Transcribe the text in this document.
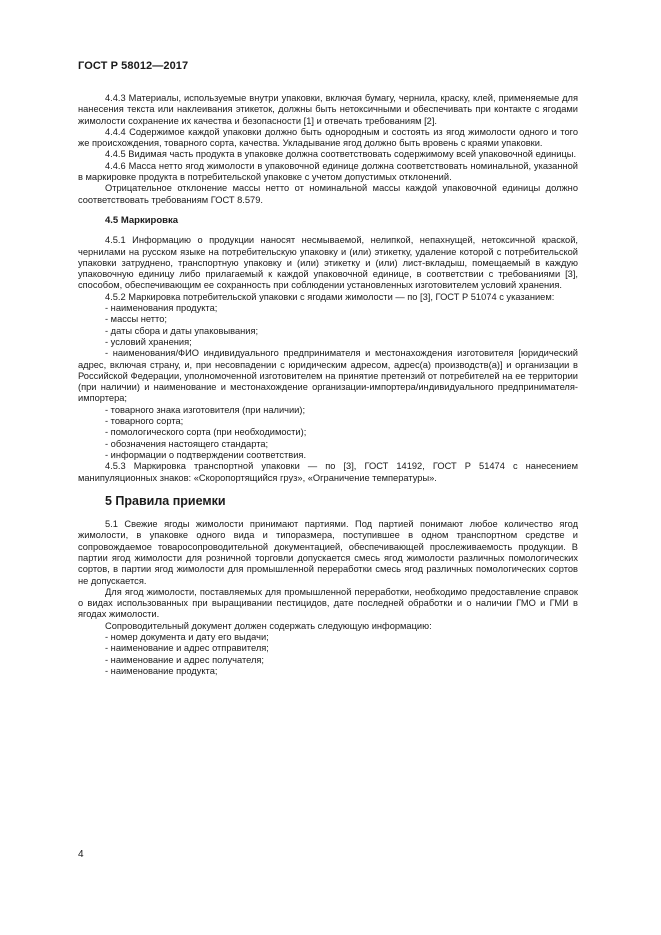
ГОСТ Р 58012—2017

4.4.3 Материалы, используемые внутри упаковки, включая бумагу, чернила, краску, клей, применяемые для нанесения текста или наклеивания этикеток, должны быть нетоксичными и обеспечивать при контакте с ягодами жимолости сохранение их качества и безопасности [1] и отвечать требованиям [2].

4.4.4 Содержимое каждой упаковки должно быть однородным и состоять из ягод жимолости одного и того же происхождения, товарного сорта, качества. Укладывание ягод должно быть вровень с краями упаковки.

4.4.5 Видимая часть продукта в упаковке должна соответствовать содержимому всей упаковочной единицы.

4.4.6 Масса нетто ягод жимолости в упаковочной единице должна соответствовать номинальной, указанной в маркировке продукта в потребительской упаковке с учетом допустимых отклонений.

Отрицательное отклонение массы нетто от номинальной массы каждой упаковочной единицы должно соответствовать требованиям ГОСТ 8.579.

4.5 Маркировка

4.5.1 Информацию о продукции наносят несмываемой, нелипкой, непахнущей, нетоксичной краской, чернилами на русском языке на потребительскую упаковку и (или) этикетку, удаление которой с потребительской упаковки затруднено, транспортную упаковку и (или) этикетку и (или) лист-вкладыш, помещаемый в каждую упаковочную единицу либо прилагаемый к каждой упаковочной единице, в соответствии с требованиями [3], способом, обеспечивающим ее сохранность при соблюдении установленных изготовителем условий хранения.

4.5.2 Маркировка потребительской упаковки с ягодами жимолости — по [3], ГОСТ Р 51074 с указанием:

- наименования продукта;

- массы нетто;

- даты сбора и даты упаковывания;

- условий хранения;

- наименования/ФИО индивидуального предпринимателя и местонахождения изготовителя [юридический адрес, включая страну, и, при несовпадении с юридическим адресом, адрес(а) производств(а)] и организации в Российской Федерации, уполномоченной изготовителем на принятие претензий от потребителей на ее территории (при наличии) и наименование и местонахождение организации-импортера/индивидуального предпринимателя-импортера;

- товарного знака изготовителя (при наличии);

- товарного сорта;

- помологического сорта (при необходимости);

- обозначения настоящего стандарта;

- информации о подтверждении соответствия.

4.5.3 Маркировка транспортной упаковки — по [3], ГОСТ 14192, ГОСТ Р 51474 с нанесением манипуляционных знаков: «Скоропортящийся груз», «Ограничение температуры».

5 Правила приемки

5.1 Свежие ягоды жимолости принимают партиями. Под партией понимают любое количество ягод жимолости, в упаковке одного вида и типоразмера, поступившее в одном транспортном средстве и сопровождаемое товаросопроводительной документацией, обеспечивающей прослеживаемость продукции. В партии ягод жимолости для розничной торговли допускается смесь ягод жимолости различных помологических сортов, в партии ягод жимолости для промышленной переработки смесь ягод различных помологических сортов не допускается.

Для ягод жимолости, поставляемых для промышленной переработки, необходимо предоставление справок о видах использованных при выращивании пестицидов, дате последней обработки и о наличии ГМО и ГМИ в ягодах жимолости.

Сопроводительный документ должен содержать следующую информацию:

- номер документа и дату его выдачи;

- наименование и адрес отправителя;

- наименование и адрес получателя;

- наименование продукта;

4
